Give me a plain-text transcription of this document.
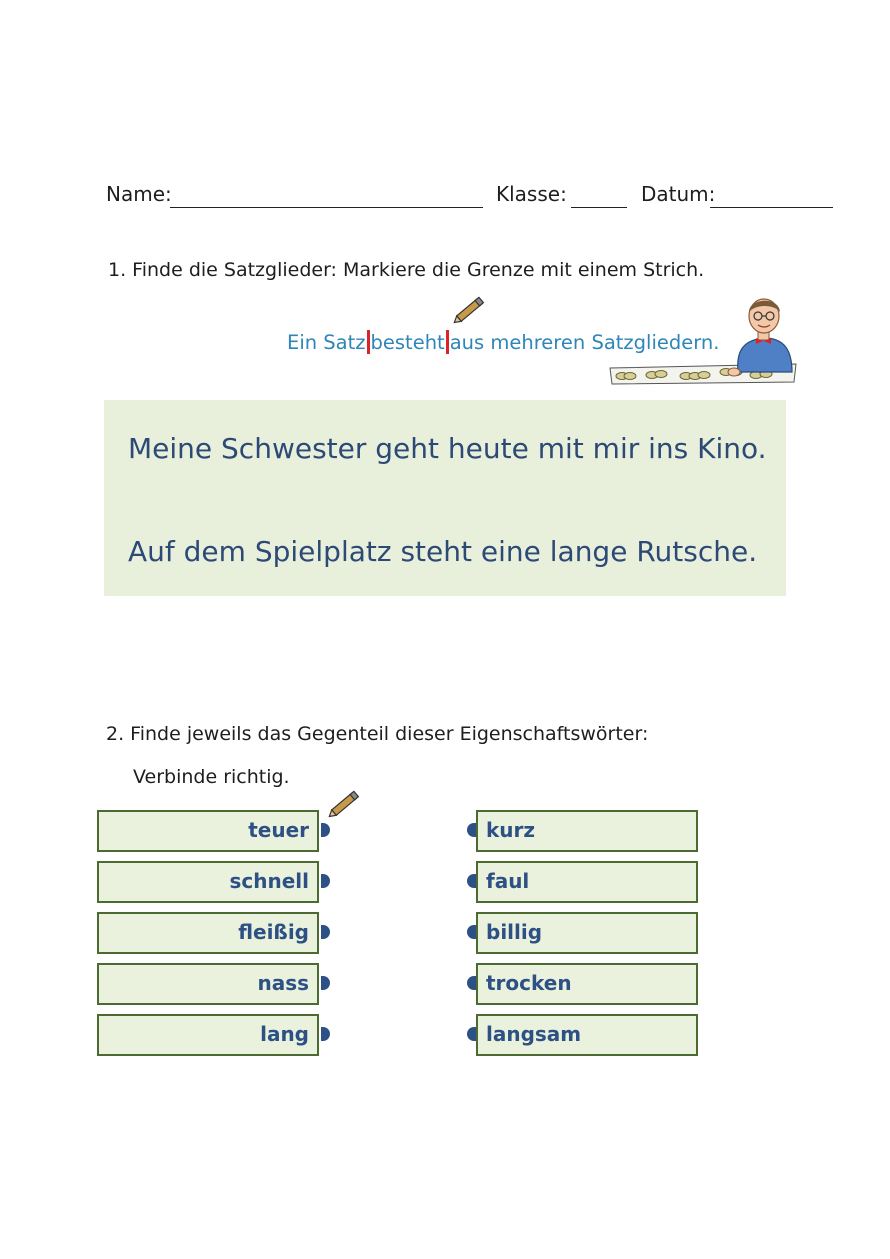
Name:	Klasse:	Datum:
1. Finde die Satzglieder: Markiere die Grenze mit einem Strich.
Ein Satz besteht aus mehreren Satzgliedern.
Meine Schwester geht heute mit mir ins Kino.
Auf dem Spielplatz steht eine lange Rutsche.
2. Finde jeweils das Gegenteil dieser Eigenschaftswörter:
Verbinde richtig.
teuer
schnell
fleißig
nass
lang
kurz
faul
billig
trocken
langsam
